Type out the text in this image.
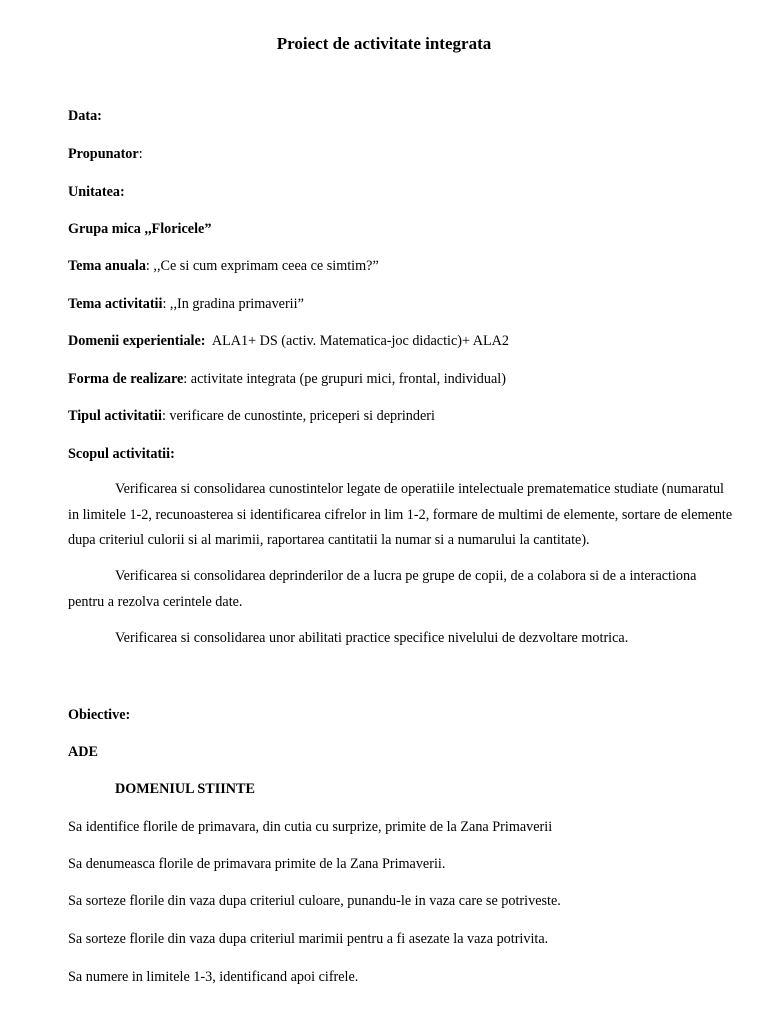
Proiect de activitate integrata
Data:
Propunator:
Unitatea:
Grupa mica ,,Floricele”
Tema anuala: ,,Ce si cum exprimam ceea ce simtim?”
Tema activitatii: ,,In gradina primaverii”
Domenii experientiale:  ALA1+ DS (activ. Matematica-joc didactic)+ ALA2
Forma de realizare: activitate integrata (pe grupuri mici, frontal, individual)
Tipul activitatii: verificare de cunostinte, priceperi si deprinderi
Scopul activitatii:
Verificarea si consolidarea cunostintelor legate de operatiile intelectuale prematematice studiate (numaratul in limitele 1-2, recunoasterea si identificarea cifrelor in lim 1-2, formare de multimi de elemente, sortare de elemente dupa criteriul culorii si al marimii, raportarea cantitatii la numar si a numarului la cantitate).
Verificarea si consolidarea deprinderilor de a lucra pe grupe de copii, de a colabora si de a interactiona pentru a rezolva cerintele date.
Verificarea si consolidarea unor abilitati practice specifice nivelului de dezvoltare motrica.
Obiective:
ADE
DOMENIUL STIINTE
Sa identifice florile de primavara, din cutia cu surprize, primite de la Zana Primaverii
Sa denumeasca florile de primavara primite de la Zana Primaverii.
Sa sorteze florile din vaza dupa criteriul culoare, punandu-le in vaza care se potriveste.
Sa sorteze florile din vaza dupa criteriul marimii pentru a fi asezate la vaza potrivita.
Sa numere in limitele 1-3, identificand apoi cifrele.
